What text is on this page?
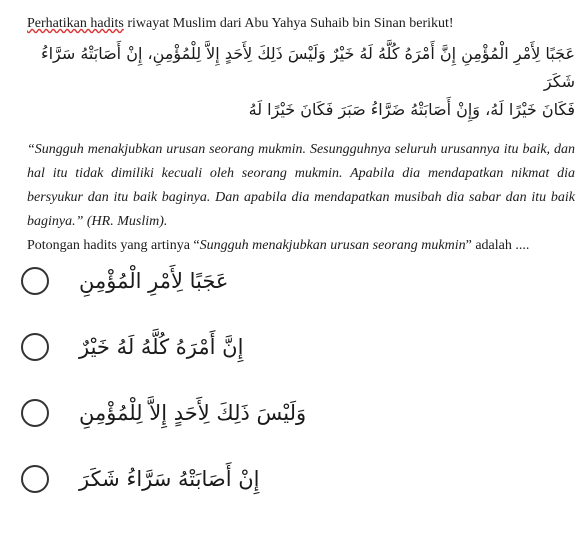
Perhatikan hadits riwayat Muslim dari Abu Yahya Suhaib bin Sinan berikut!
عَجَبًا لِأَمْرِ الْمُؤْمِنِ إِنَّ أَمْرَهُ كُلَّهُ لَهُ خَيْرٌ وَلَيْسَ ذَلِكَ لِأَحَدٍ إِلاَّ لِلْمُؤْمِنِ، إِنْ أَصَابَتْهُ سَرَّاءُ شَكَرَ
فَكَانَ خَيْرًا لَهُ، وَإِنْ أَصَابَتْهُ ضَرَّاءُ صَبَرَ فَكَانَ خَيْرًا لَهُ
“Sungguh menakjubkan urusan seorang mukmin. Sesungguhnya seluruh urusannya itu baik, dan hal itu tidak dimiliki kecuali oleh seorang mukmin. Apabila dia mendapatkan nikmat dia bersyukur dan itu baik baginya. Dan apabila dia mendapatkan musibah dia sabar dan itu baik baginya.” (HR. Muslim).
Potongan hadits yang artinya “Sungguh menakjubkan urusan seorang mukmin” adalah ....
عَجَبًا لِأَمْرِ الْمُؤْمِنِ
إِنَّ أَمْرَهُ كُلَّهُ لَهُ خَيْرٌ
وَلَيْسَ ذَلِكَ لِأَحَدٍ إِلاَّ لِلْمُؤْمِنِ
إِنْ أَصَابَتْهُ سَرَّاءُ شَكَرَ
